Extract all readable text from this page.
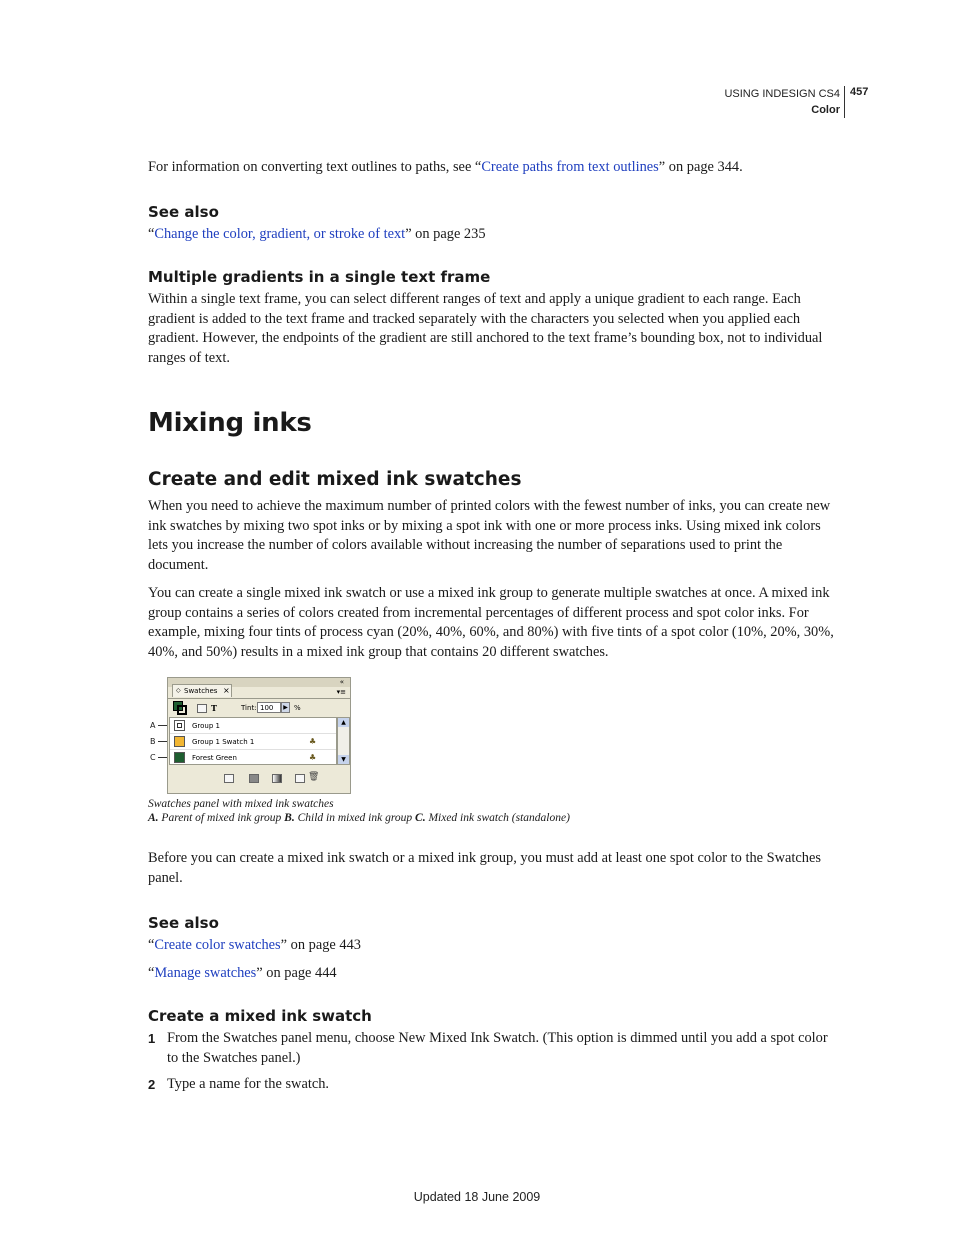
USING INDESIGN CS4
Color
457
For information on converting text outlines to paths, see “Create paths from text outlines” on page 344.
See also
“Change the color, gradient, or stroke of text” on page 235
Multiple gradients in a single text frame
Within a single text frame, you can select different ranges of text and apply a unique gradient to each range. Each
gradient is added to the text frame and tracked separately with the characters you selected when you applied each
gradient. However, the endpoints of the gradient are still anchored to the text frame’s bounding box, not to individual
ranges of text.
Mixing inks
Create and edit mixed ink swatches
When you need to achieve the maximum number of printed colors with the fewest number of inks, you can create new
ink swatches by mixing two spot inks or by mixing a spot ink with one or more process inks. Using mixed ink colors
lets you increase the number of colors available without increasing the number of separations used to print the
document.
You can create a single mixed ink swatch or use a mixed ink group to generate multiple swatches at once. A mixed ink
group contains a series of colors created from incremental percentages of different process and spot color inks. For
example, mixing four tints of process cyan (20%, 40%, 60%, and 80%) with five tints of a spot color (10%, 20%, 30%,
40%, and 50%) results in a mixed ink group that contains 20 different swatches.
A
B
C
«
◇ Swatches ×	▾≡
T	Tint: 100	▶ %
Group 1
Group 1 Swatch 1	♣
Forest Green	♣
▲
▼
🗑
Swatches panel with mixed ink swatches
A. Parent of mixed ink group B. Child in mixed ink group C. Mixed ink swatch (standalone)
Before you can create a mixed ink swatch or a mixed ink group, you must add at least one spot color to the Swatches
panel.
See also
“Create color swatches” on page 443
“Manage swatches” on page 444
Create a mixed ink swatch
1 From the Swatches panel menu, choose New Mixed Ink Swatch. (This option is dimmed until you add a spot color
to the Swatches panel.)
2 Type a name for the swatch.
Updated 18 June 2009
